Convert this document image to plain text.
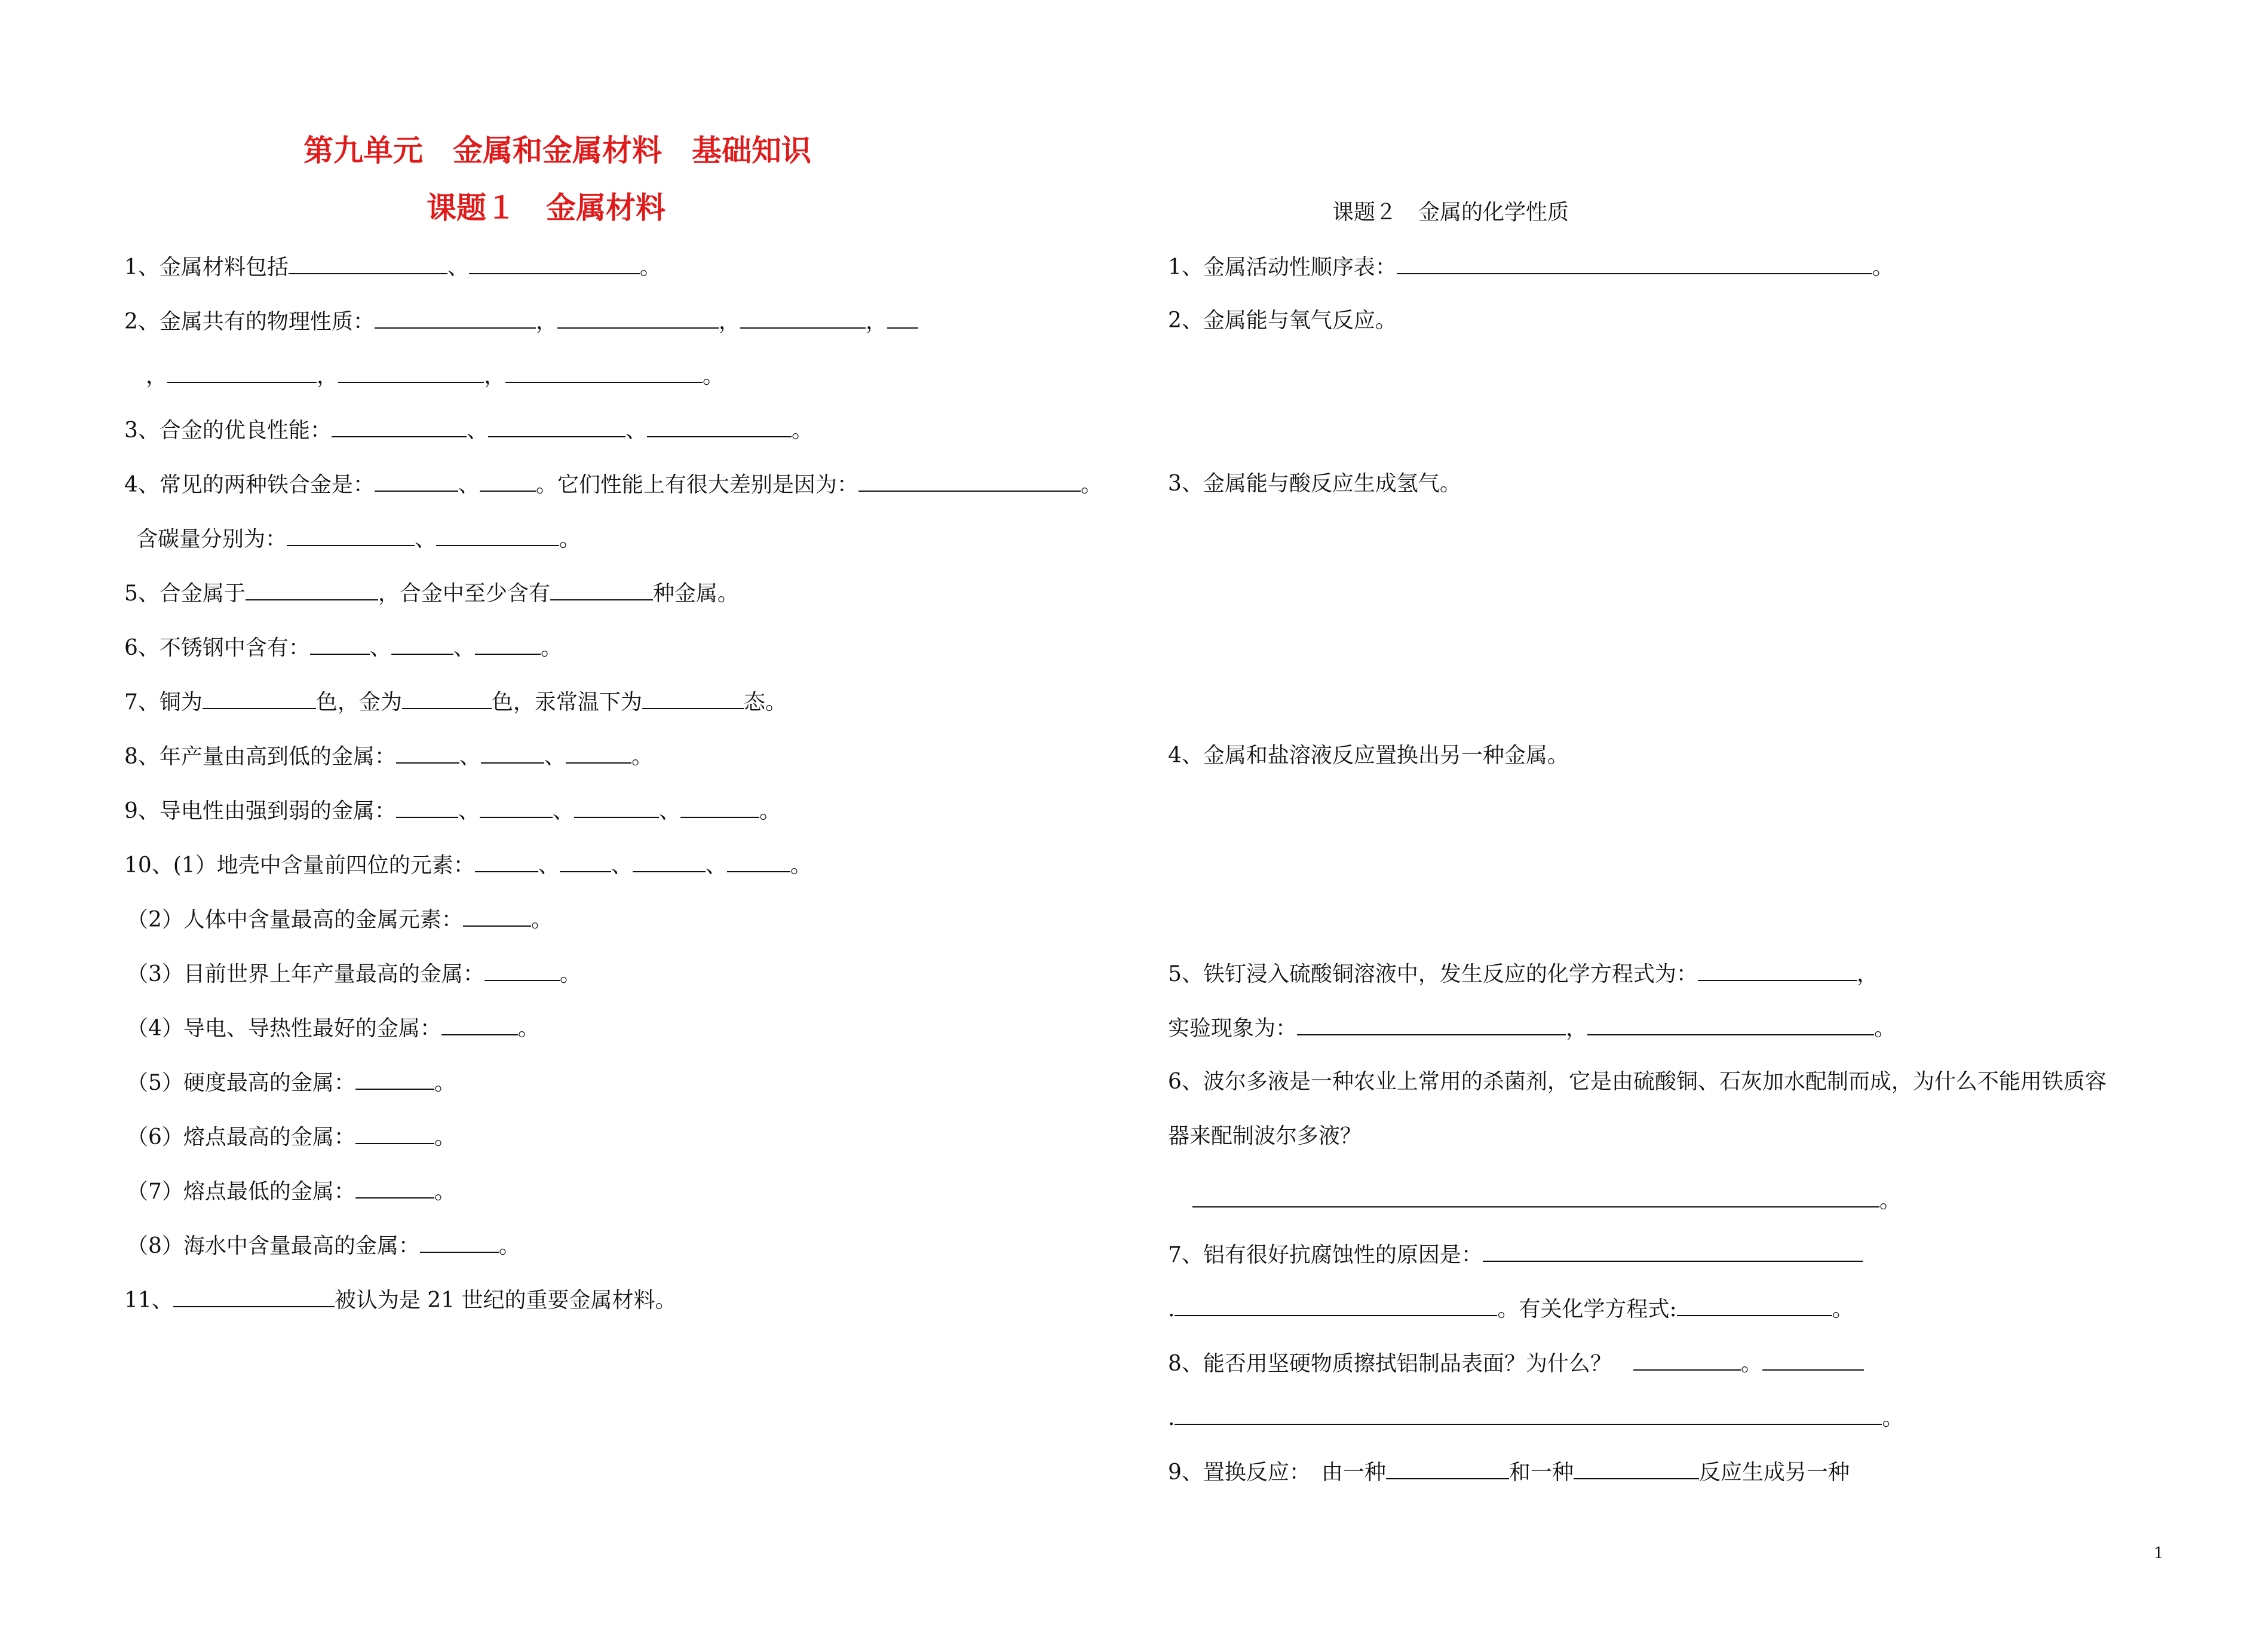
第九单元　金属和金属材料　基础知识
课题１　金属材料
1、金属材料包括	、	。
2、金属共有的物理性质：	，	，	，
，	，	，	。
3、合金的优良性能：	、	、	。
4、常见的两种铁合金是：	、	。它们性能上有很大差别是因为：	。
含碳量分别为：	、	。
5、合金属于	，合金中至少含有	种金属。
6、不锈钢中含有：	、	、	。
7、铜为	色，金为	色，汞常温下为	态。
8、年产量由高到低的金属：	、	、	。
9、导电性由强到弱的金属：	、	、	、	。
10、(1）地壳中含量前四位的元素：	、 、	、	。
（2）人体中含量最高的金属元素：	。
（3）目前世界上年产量最高的金属：	。
（4）导电、导热性最好的金属：	。
（5）硬度最高的金属：	。
（6）熔点最高的金属：	。
（7）熔点最低的金属：	。
（8）海水中含量最高的金属：	。
11、	被认为是 21 世纪的重要金属材料。
课题２　金属的化学性质
1、金属活动性顺序表：	。
2、金属能与氧气反应。
3、金属能与酸反应生成氢气。
4、金属和盐溶液反应置换出另一种金属。
5、铁钉浸入硫酸铜溶液中，发生反应的化学方程式为：	，
实验现象为：	，	。
6、波尔多液是一种农业上常用的杀菌剂，它是由硫酸铜、石灰加水配制而成，为什么不能用铁质容
器来配制波尔多液？
。
7、铝有很好抗腐蚀性的原因是：
.	。有关化学方程式:	。
8、能否用坚硬物质擦拭铝制品表面？为什么？	。
.	。
9、置换反应：　由一种	和一种	反应生成另一种
1
